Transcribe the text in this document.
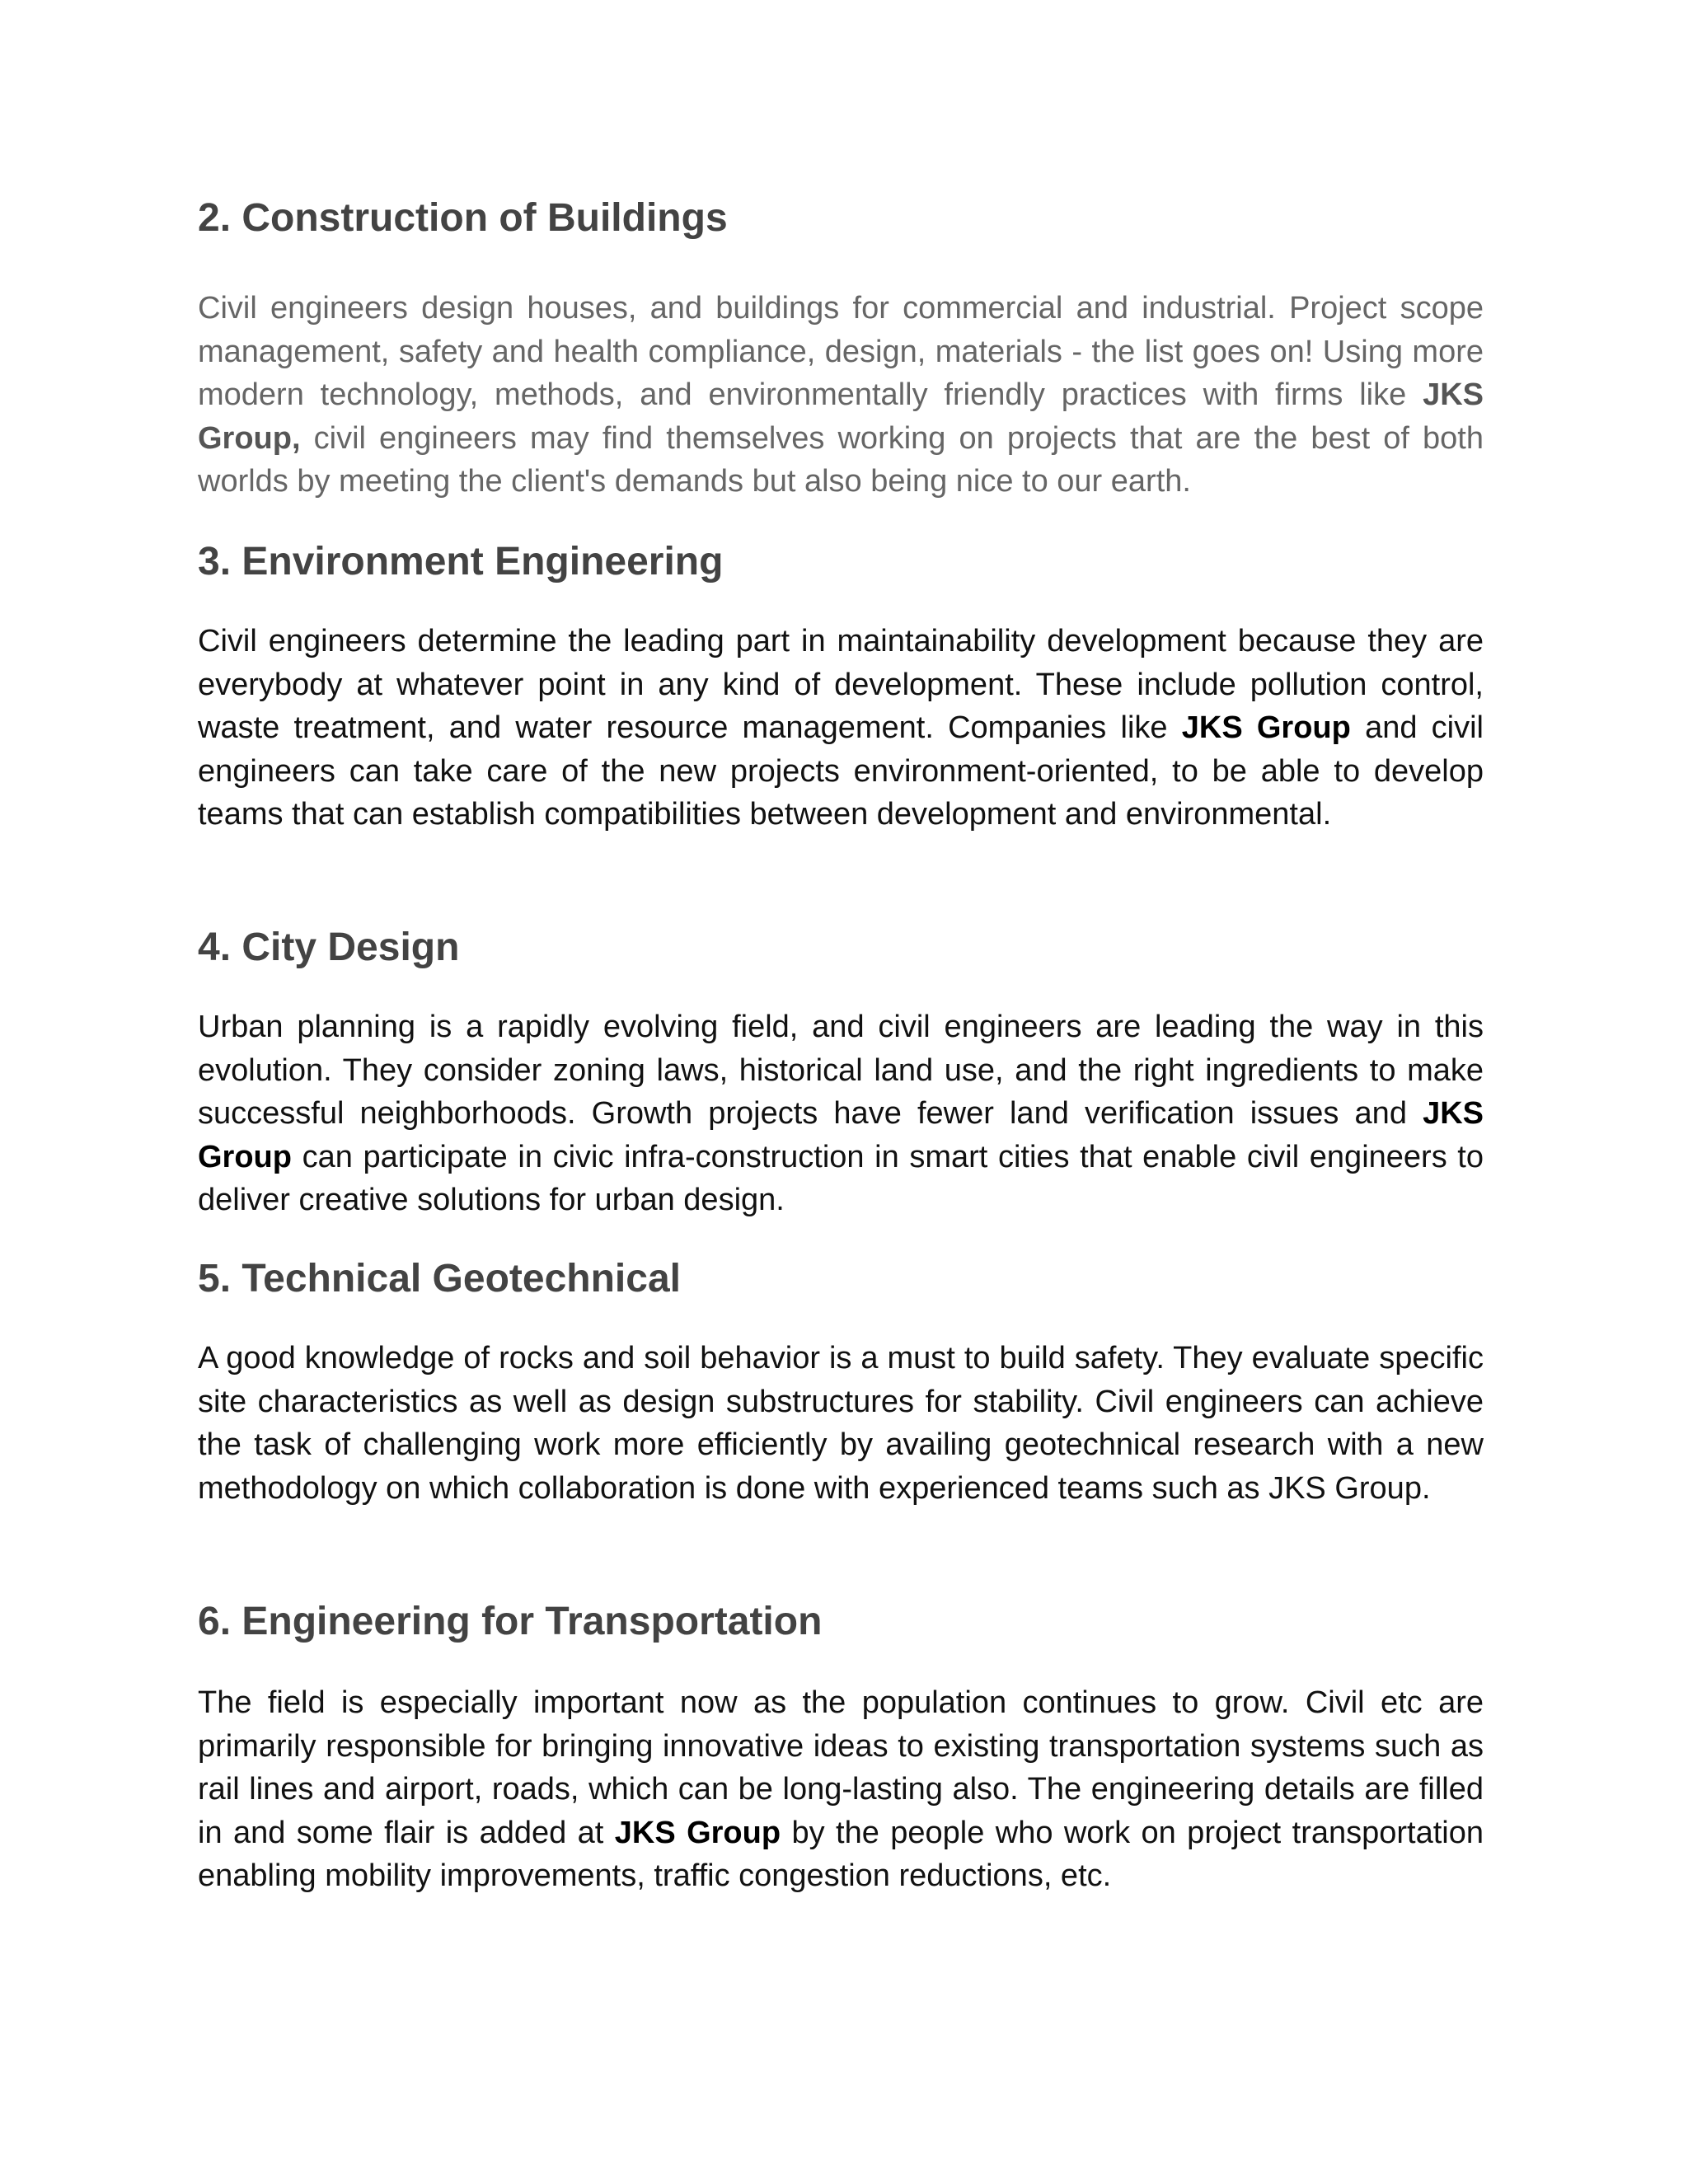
2. Construction of Buildings

Civil engineers design houses, and buildings for commercial and industrial. Project scope management, safety and health compliance, design, materials - the list goes on! Using more modern technology, methods, and environmentally friendly practices with firms like JKS Group, civil engineers may find themselves working on projects that are the best of both worlds by meeting the client's demands but also being nice to our earth.

3. Environment Engineering

Civil engineers determine the leading part in maintainability development because they are everybody at whatever point in any kind of development. These include pollution control, waste treatment, and water resource management. Companies like JKS Group and civil engineers can take care of the new projects environment-oriented, to be able to develop teams that can establish compatibilities between development and environmental.

4. City Design

Urban planning is a rapidly evolving field, and civil engineers are leading the way in this evolution. They consider zoning laws, historical land use, and the right ingredients to make successful neighborhoods. Growth projects have fewer land verification issues and JKS Group can participate in civic infra-construction in smart cities that enable civil engineers to deliver creative solutions for urban design.

5. Technical Geotechnical

A good knowledge of rocks and soil behavior is a must to build safety. They evaluate specific site characteristics as well as design substructures for stability. Civil engineers can achieve the task of challenging work more efficiently by availing geotechnical research with a new methodology on which collaboration is done with experienced teams such as JKS Group.

6. Engineering for Transportation

The field is especially important now as the population continues to grow. Civil etc are primarily responsible for bringing innovative ideas to existing transportation systems such as rail lines and airport, roads, which can be long-lasting also. The engineering details are filled in and some flair is added at JKS Group by the people who work on project transportation enabling mobility improvements, traffic congestion reductions, etc.
